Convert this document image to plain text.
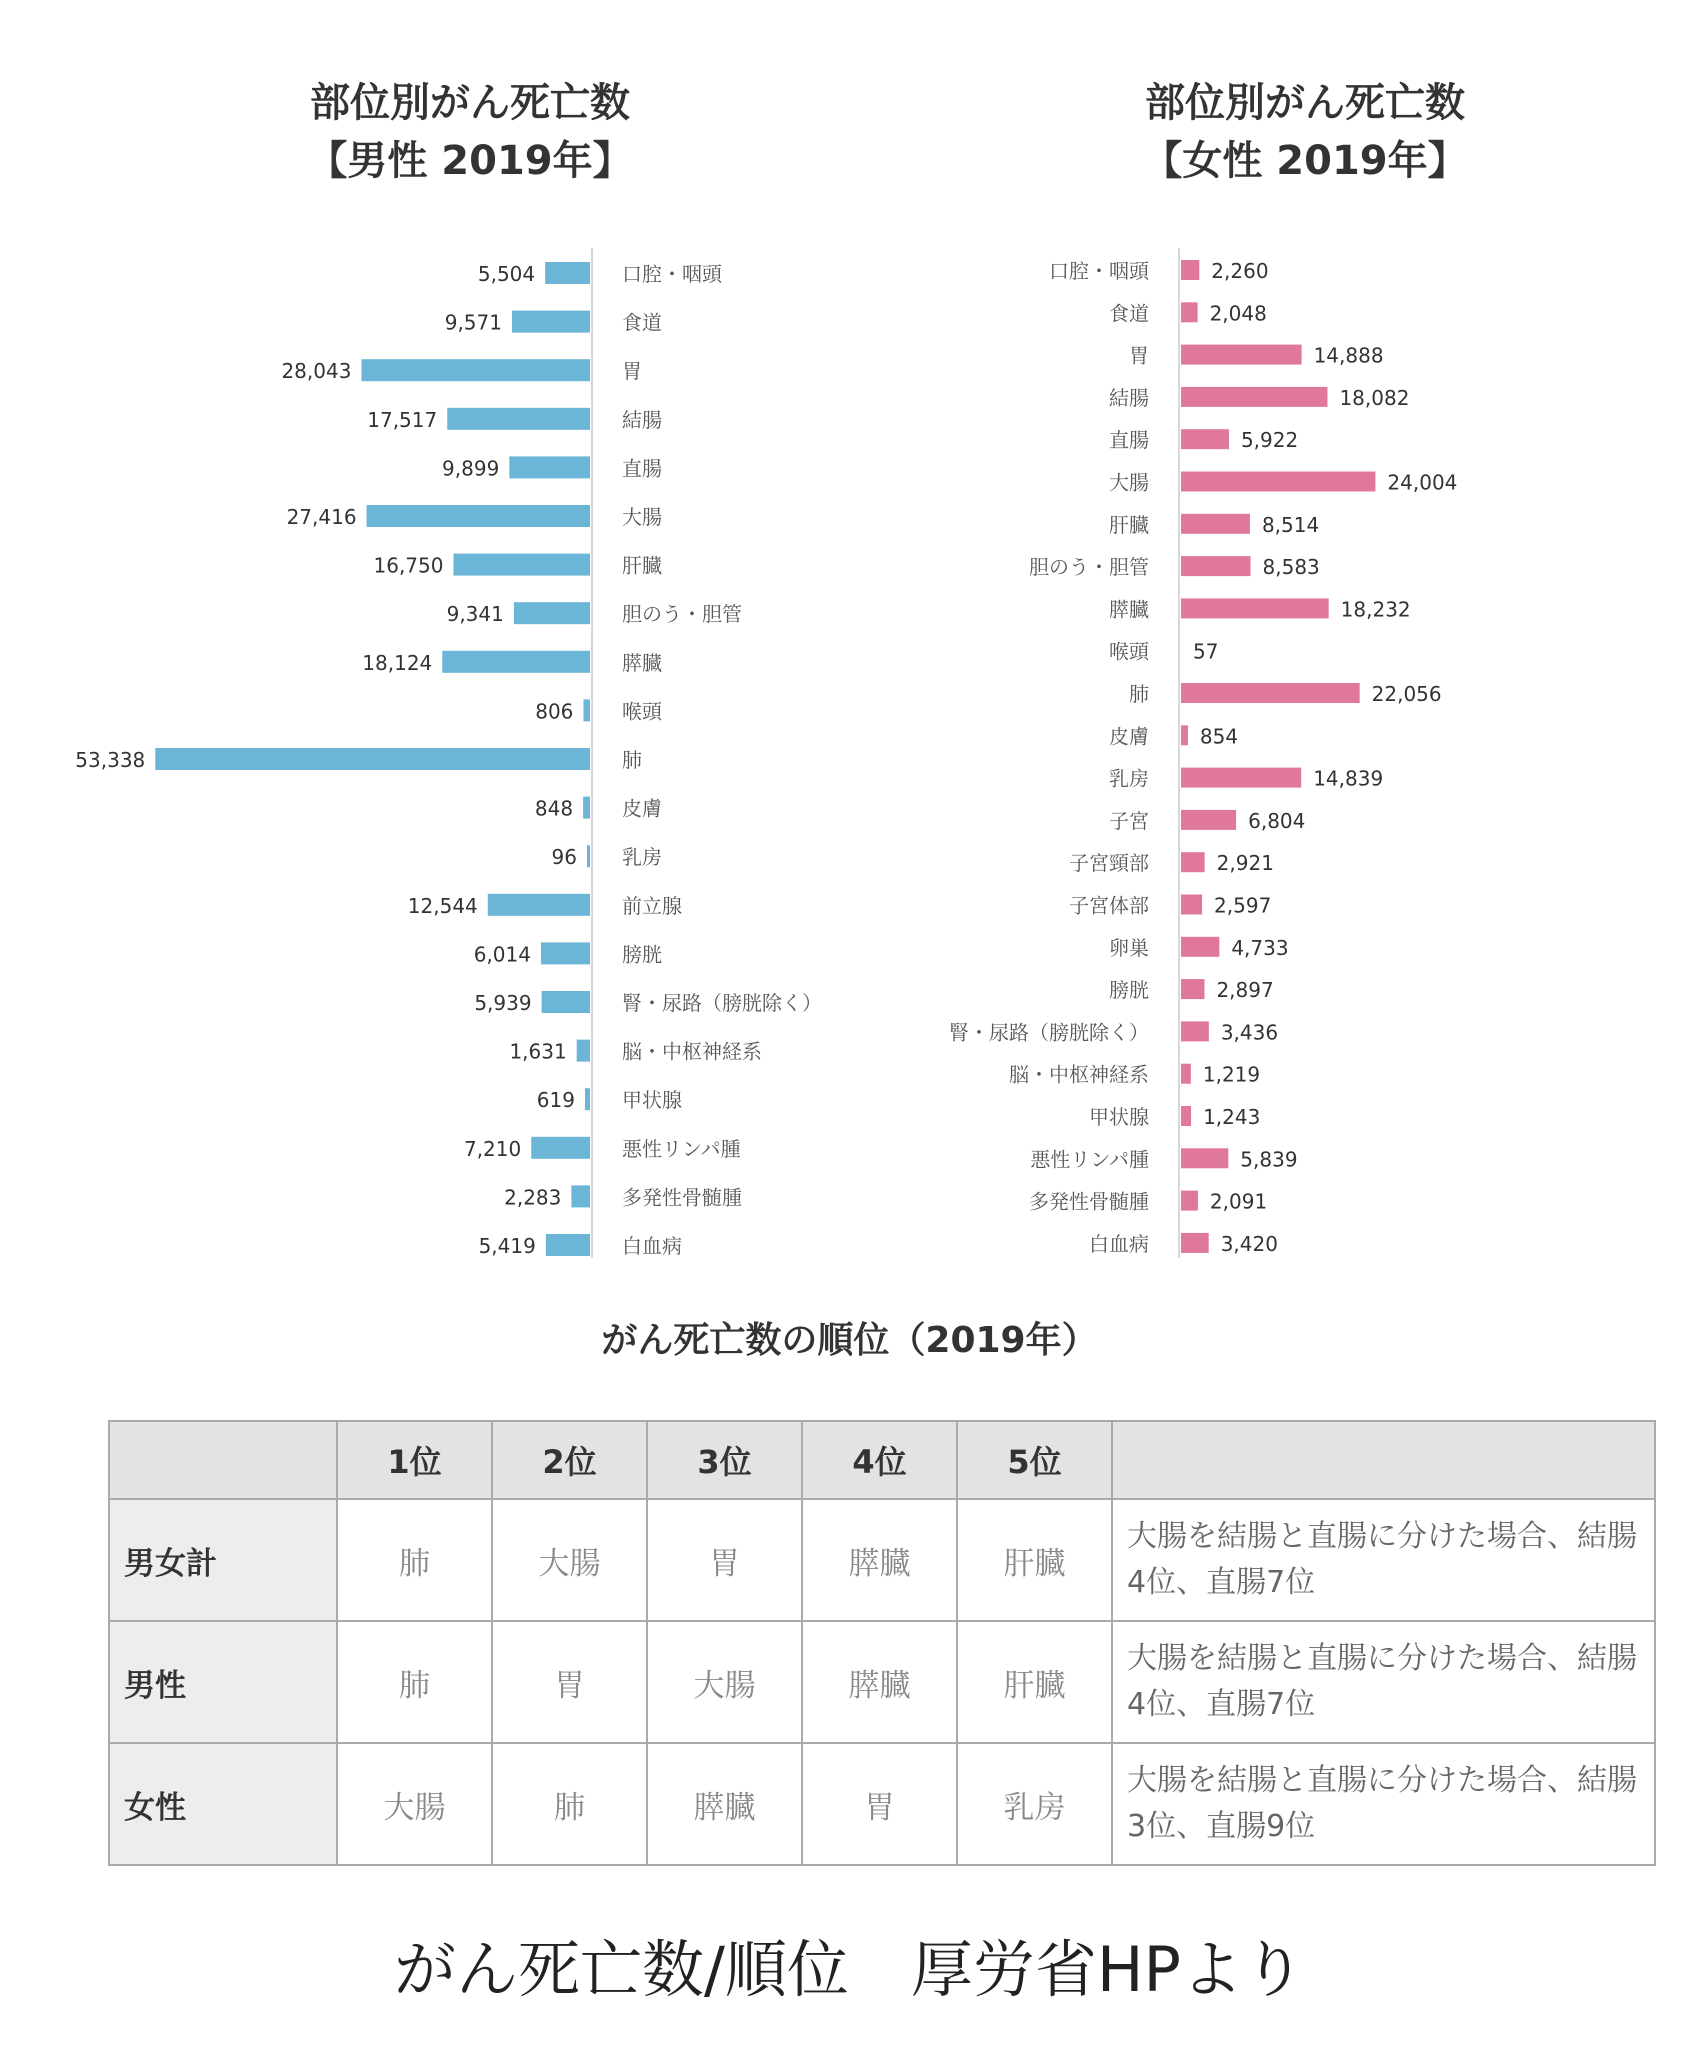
部位別がん死亡数
【男性 2019年】
部位別がん死亡数
【女性 2019年】
5,504	口腔・咽頭
9,571	食道
28,043	胃
17,517	結腸
9,899	直腸
27,416	大腸
16,750	肝臓
9,341	胆のう・胆管
18,124	膵臓
806 喉頭
53,338	肺
848 皮膚
96 乳房
12,544	前立腺
6,014	膀胱
5,939	腎・尿路（膀胱除く）
1,631	脳・中枢神経系
619 甲状腺
7,210	悪性リンパ腫
2,283	多発性骨髄腫
5,419	白血病
2,260
口腔・咽頭
2,048
食道
14,888
胃
18,082
結腸
5,922
直腸
24,004
大腸
8,514
肝臓
8,583
胆のう・胆管
18,232
膵臓
57
喉頭
22,056
肺
854
皮膚
14,839
乳房
6,804
子宮
2,921
子宮頸部
2,597
子宮体部
4,733
卵巣
2,897
膀胱
3,436
腎・尿路（膀胱除く）
1,219
脳・中枢神経系
1,243
甲状腺
5,839
悪性リンパ腫
2,091
多発性骨髄腫
3,420
白血病
がん死亡数の順位（2019年）
	1位	2位	3位	4位	5位	
男女計	肺	大腸	胃	膵臓	肝臓	大腸を結腸と直腸に分けた場合、結腸4位、直腸7位
男性	肺	胃	大腸	膵臓	肝臓	大腸を結腸と直腸に分けた場合、結腸4位、直腸7位
女性	大腸	肺	膵臓	胃	乳房	大腸を結腸と直腸に分けた場合、結腸3位、直腸9位
がん死亡数/順位　厚労省HPより
